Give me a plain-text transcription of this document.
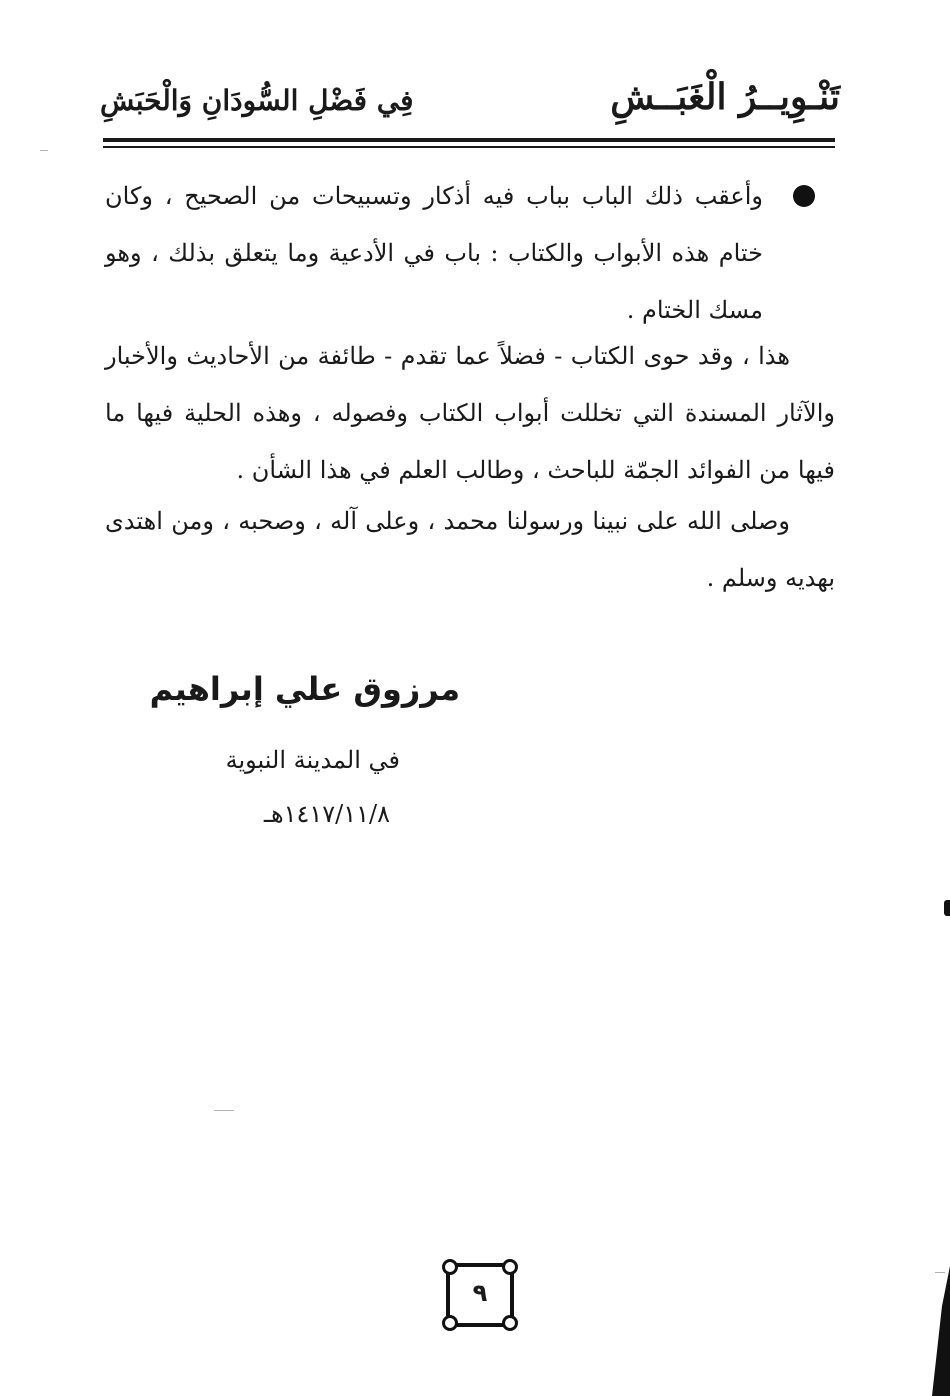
تَنْـوِيــرُ الْغَبَــشِ
فِي فَضْلِ السُّودَانِ وَالْحَبَشِ
وأعقب ذلك الباب بباب فيه أذكار وتسبيحات من الصحيح ، وكان ختام هذه الأبواب والكتاب : باب في الأدعية وما يتعلق بذلك ، وهو مسك الختام .
هذا ، وقد حوى الكتاب - فضلاً عما تقدم - طائفة من الأحاديث والأخبار والآثار المسندة التي تخللت أبواب الكتاب وفصوله ، وهذه الحلية فيها ما فيها من الفوائد الجمّة للباحث ، وطالب العلم في هذا الشأن .
وصلى الله على نبينا ورسولنا محمد ، وعلى آله ، وصحبه ، ومن اهتدى بهديه وسلم .
مرزوق علي إبراهيم
في المدينة النبوية
١٤١٧/١١/٨هـ
٩
